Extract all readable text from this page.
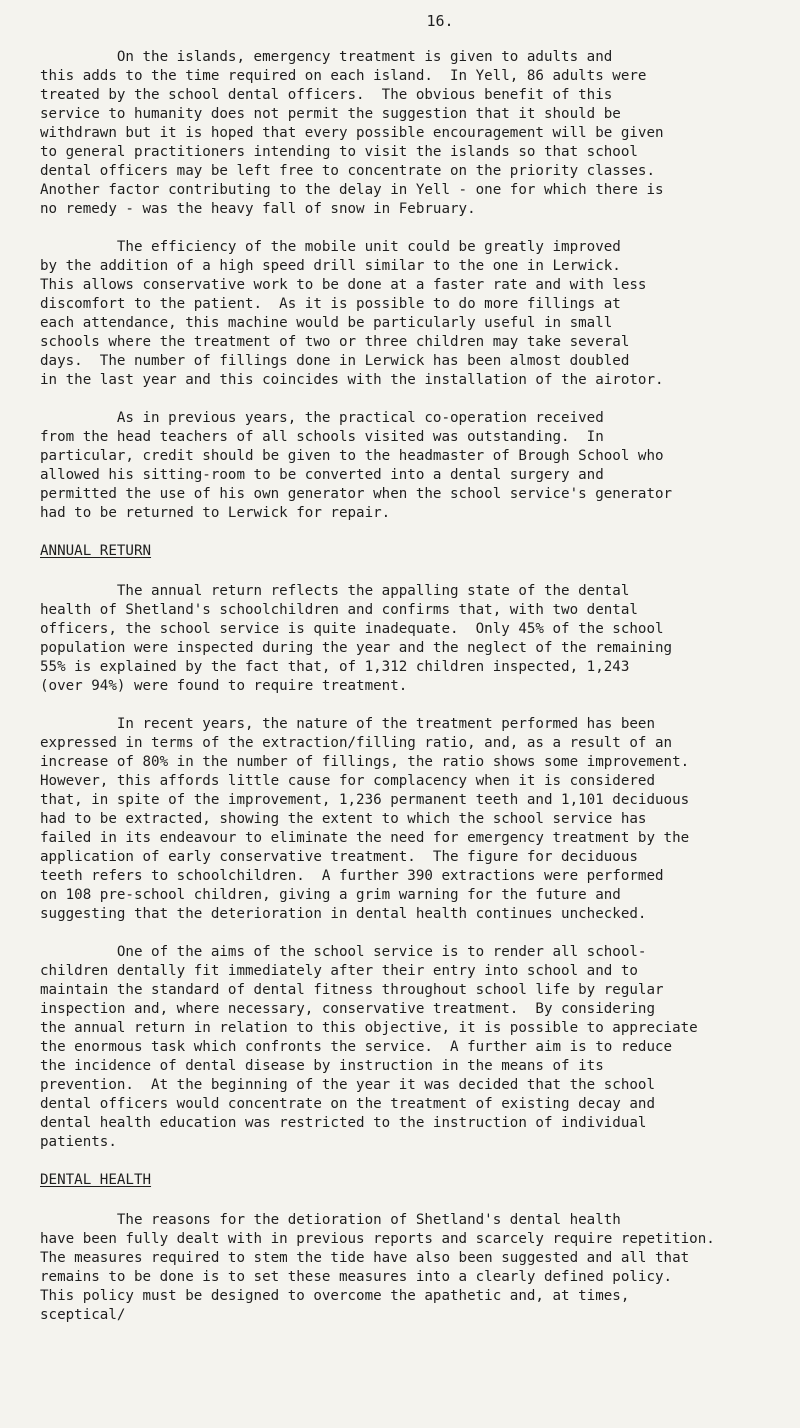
16.
On the islands, emergency treatment is given to adults and
this adds to the time required on each island.  In Yell, 86 adults were
treated by the school dental officers.  The obvious benefit of this
service to humanity does not permit the suggestion that it should be
withdrawn but it is hoped that every possible encouragement will be given
to general practitioners intending to visit the islands so that school
dental officers may be left free to concentrate on the priority classes.
Another factor contributing to the delay in Yell - one for which there is
no remedy - was the heavy fall of snow in February.
The efficiency of the mobile unit could be greatly improved
by the addition of a high speed drill similar to the one in Lerwick.
This allows conservative work to be done at a faster rate and with less
discomfort to the patient.  As it is possible to do more fillings at
each attendance, this machine would be particularly useful in small
schools where the treatment of two or three children may take several
days.  The number of fillings done in Lerwick has been almost doubled
in the last year and this coincides with the installation of the airotor.
As in previous years, the practical co-operation received
from the head teachers of all schools visited was outstanding.  In
particular, credit should be given to the headmaster of Brough School who
allowed his sitting-room to be converted into a dental surgery and
permitted the use of his own generator when the school service's generator
had to be returned to Lerwick for repair.
ANNUAL RETURN
The annual return reflects the appalling state of the dental
health of Shetland's schoolchildren and confirms that, with two dental
officers, the school service is quite inadequate.  Only 45% of the school
population were inspected during the year and the neglect of the remaining
55% is explained by the fact that, of 1,312 children inspected, 1,243
(over 94%) were found to require treatment.
In recent years, the nature of the treatment performed has been
expressed in terms of the extraction/filling ratio, and, as a result of an
increase of 80% in the number of fillings, the ratio shows some improvement.
However, this affords little cause for complacency when it is considered
that, in spite of the improvement, 1,236 permanent teeth and 1,101 deciduous
had to be extracted, showing the extent to which the school service has
failed in its endeavour to eliminate the need for emergency treatment by the
application of early conservative treatment.  The figure for deciduous
teeth refers to schoolchildren.  A further 390 extractions were performed
on 108 pre-school children, giving a grim warning for the future and
suggesting that the deterioration in dental health continues unchecked.
One of the aims of the school service is to render all school-
children dentally fit immediately after their entry into school and to
maintain the standard of dental fitness throughout school life by regular
inspection and, where necessary, conservative treatment.  By considering
the annual return in relation to this objective, it is possible to appreciate
the enormous task which confronts the service.  A further aim is to reduce
the incidence of dental disease by instruction in the means of its
prevention.  At the beginning of the year it was decided that the school
dental officers would concentrate on the treatment of existing decay and
dental health education was restricted to the instruction of individual
patients.
DENTAL HEALTH
The reasons for the detioration of Shetland's dental health
have been fully dealt with in previous reports and scarcely require repetition.
The measures required to stem the tide have also been suggested and all that
remains to be done is to set these measures into a clearly defined policy.
This policy must be designed to overcome the apathetic and, at times,
sceptical/
